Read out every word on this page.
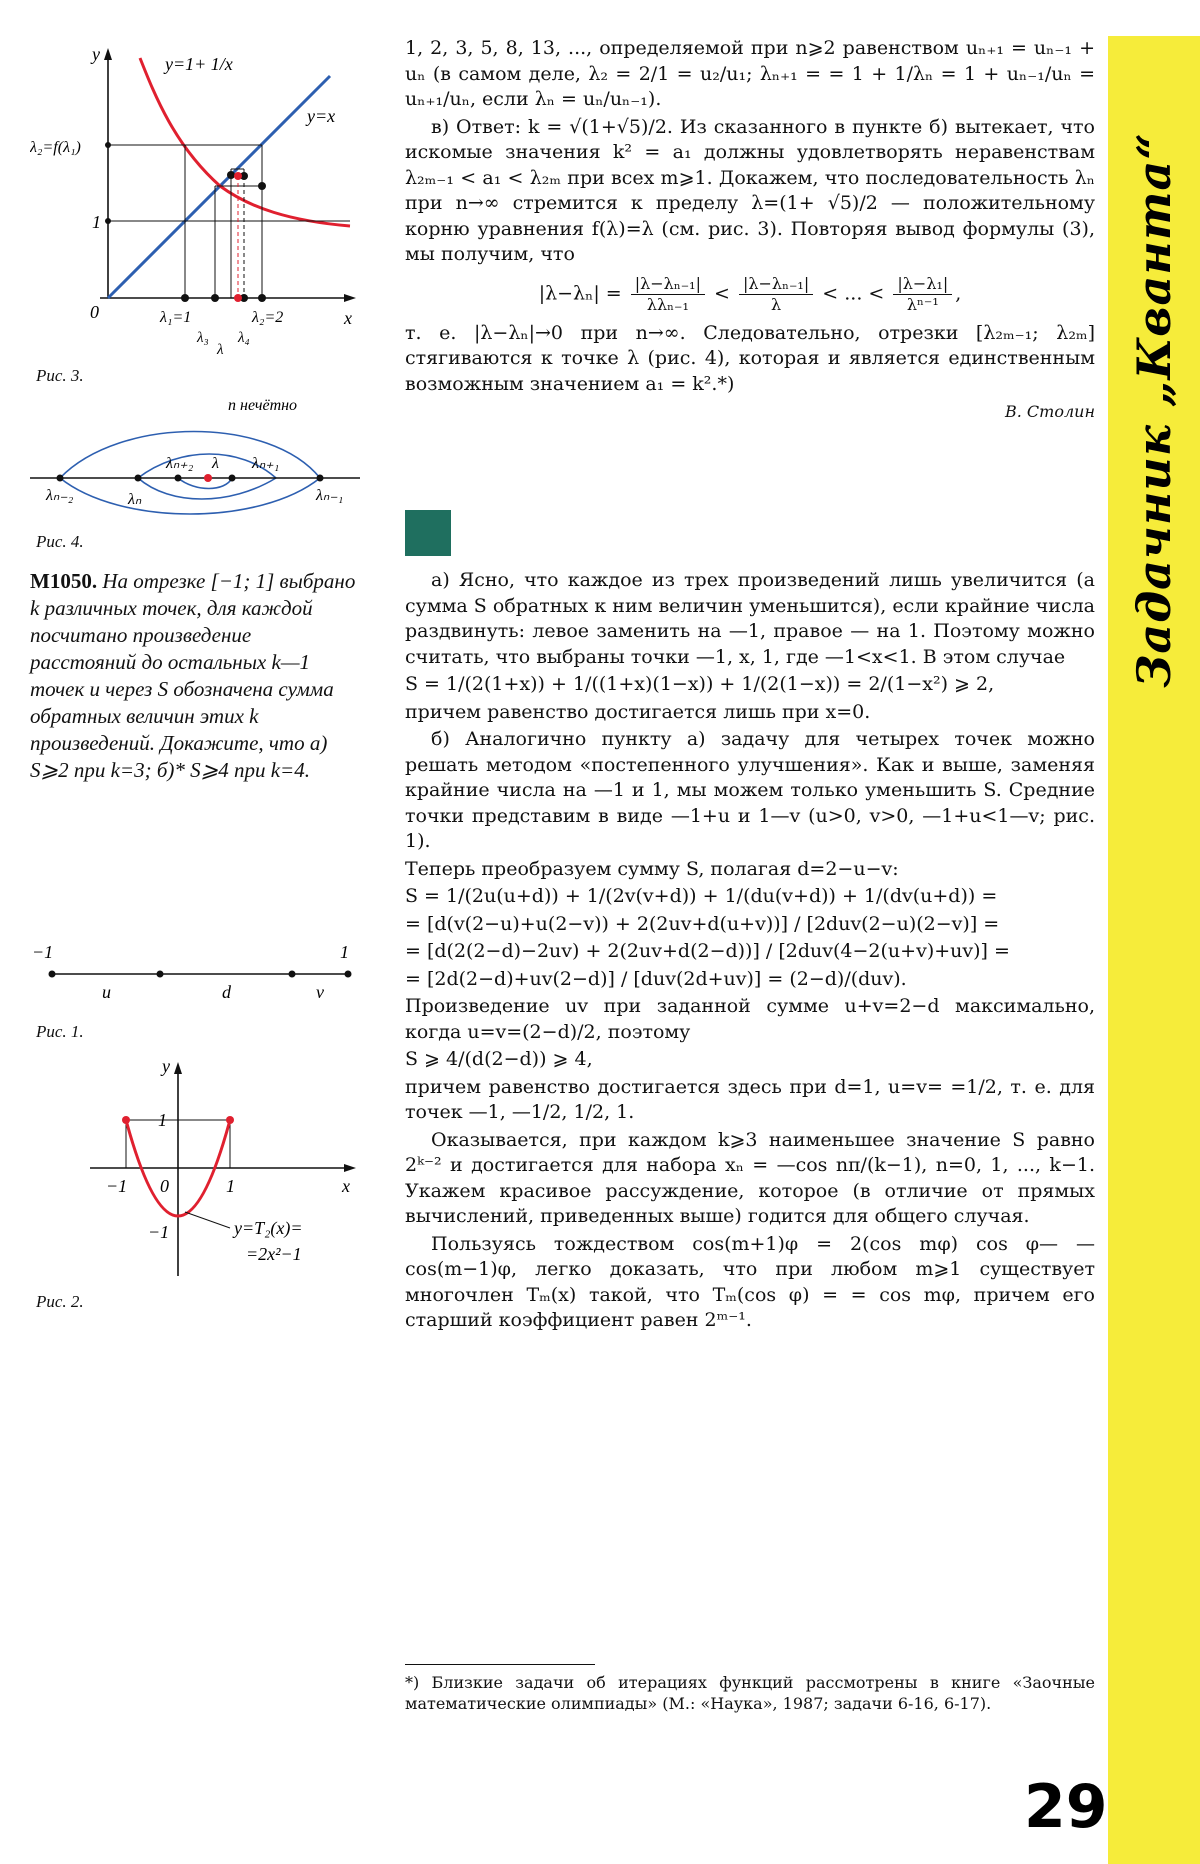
y
x
y=1+ 1/x
y=x
λ₂=f(λ₁)
1
0	λ₁=1	λ₂=2
λ₃
λ
λ₄
Рис. 3.
n нечётно
λₙ₋₂	λₙ
λₙ₊₂ λ λₙ₊₁
λₙ₋₁
Рис. 4.
M1050. На отрезке [−1; 1] выбрано k различных точек, для каждой посчитано произведение расстояний до остальных k—1 точек и через S обозначена сумма обратных величин этих k произведений. Докажите, что а) S⩾2 при k=3; б)* S⩾4 при k=4.
−1	1
u	d	v
Рис. 1.
y
x
1
−1 0	1
−1	y=T₂(x)=
=2x²−1
Рис. 2.

1, 2, 3, 5, 8, 13, ..., определяемой при n⩾2 равенством uₙ₊₁ = uₙ₋₁ + uₙ (в самом деле, λ₂ = 2/1 = u₂/u₁; λₙ₊₁ = = 1 + 1/λₙ = 1 + uₙ₋₁/uₙ = uₙ₊₁/uₙ, если λₙ = uₙ/uₙ₋₁).

в) Ответ: k = √(1+√5)/2. Из сказанного в пункте б) вытекает, что искомые значения k² = a₁ должны удовлетворять неравенствам λ₂ₘ₋₁ < a₁ < λ₂ₘ при всех m⩾1. Докажем, что последовательность λₙ при n→∞ стремится к пределу λ=(1+ √5)/2 — положительному корню уравнения f(λ)=λ (см. рис. 3). Повторяя вывод формулы (3), мы получим, что

$|\lambda-\lambda_n| = \frac{\text{|λ−λₙ₋₁|}}{\text{λλₙ₋₁}} < \frac{\text{|λ−λₙ₋₁|}}{\lambda}$ < ... < $\frac{\text{|λ−λ₁|}}{\text{λⁿ⁻¹}}$ ,

т. е. |λ−λₙ|→0 при n→∞. Следовательно, отрезки [λ₂ₘ₋₁; λ₂ₘ] стягиваются к точке λ (рис. 4), которая и является единственным возможным значением a₁ = k².*)

В. Столин

а) Ясно, что каждое из трех произведений лишь увеличится (а сумма S обратных к ним величин уменьшится), если крайние числа раздвинуть: левое заменить на —1, правое — на 1. Поэтому можно считать, что выбраны точки —1, x, 1, где —1<x<1. В этом случае

S = 1/(2(1+x)) + 1/((1+x)(1−x)) + 1/(2(1−x)) = 2/(1−x²) ⩾ 2,

причем равенство достигается лишь при x=0.

б) Аналогично пункту а) задачу для четырех точек можно решать методом «постепенного улучшения». Как и выше, заменяя крайние числа на —1 и 1, мы можем только уменьшить S. Средние точки представим в виде —1+u и 1—v (u>0, v>0, —1+u<1—v; рис. 1).

Теперь преобразуем сумму S, полагая d=2−u−v:

S = 1/(2u(u+d)) + 1/(2v(v+d)) + 1/(du(v+d)) + 1/(dv(u+d)) =

= [d(v(2−u)+u(2−v)) + 2(2uv+d(u+v))] / [2duv(2−u)(2−v)] =

= [d(2(2−d)−2uv) + 2(2uv+d(2−d))] / [2duv(4−2(u+v)+uv)] =

= [2d(2−d)+uv(2−d)] / [duv(2d+uv)] = (2−d)/(duv).

Произведение uv при заданной сумме u+v=2−d максимально, когда u=v=(2−d)/2, поэтому

S ⩾ 4/(d(2−d)) ⩾ 4,

причем равенство достигается здесь при d=1, u=v= =1/2, т. е. для точек —1, —1/2, 1/2, 1.

Оказывается, при каждом k⩾3 наименьшее значение S равно 2ᵏ⁻² и достигается для набора xₙ = —cos nπ/(k−1), n=0, 1, ..., k−1. Укажем красивое рассуждение, которое (в отличие от прямых вычислений, приведенных выше) годится для общего случая.

Пользуясь тождеством cos(m+1)φ = 2(cos mφ) cos φ— —cos(m−1)φ, легко доказать, что при любом m⩾1 существует многочлен Tₘ(x) такой, что Tₘ(cos φ) = = cos mφ, причем его старший коэффициент равен 2ᵐ⁻¹.

*) Близкие задачи об итерациях функций рассмотрены в книге «Заочные математические олимпиады» (М.: «Наука», 1987; задачи 6-16, 6-17).
Задачник „Кванта“
29
